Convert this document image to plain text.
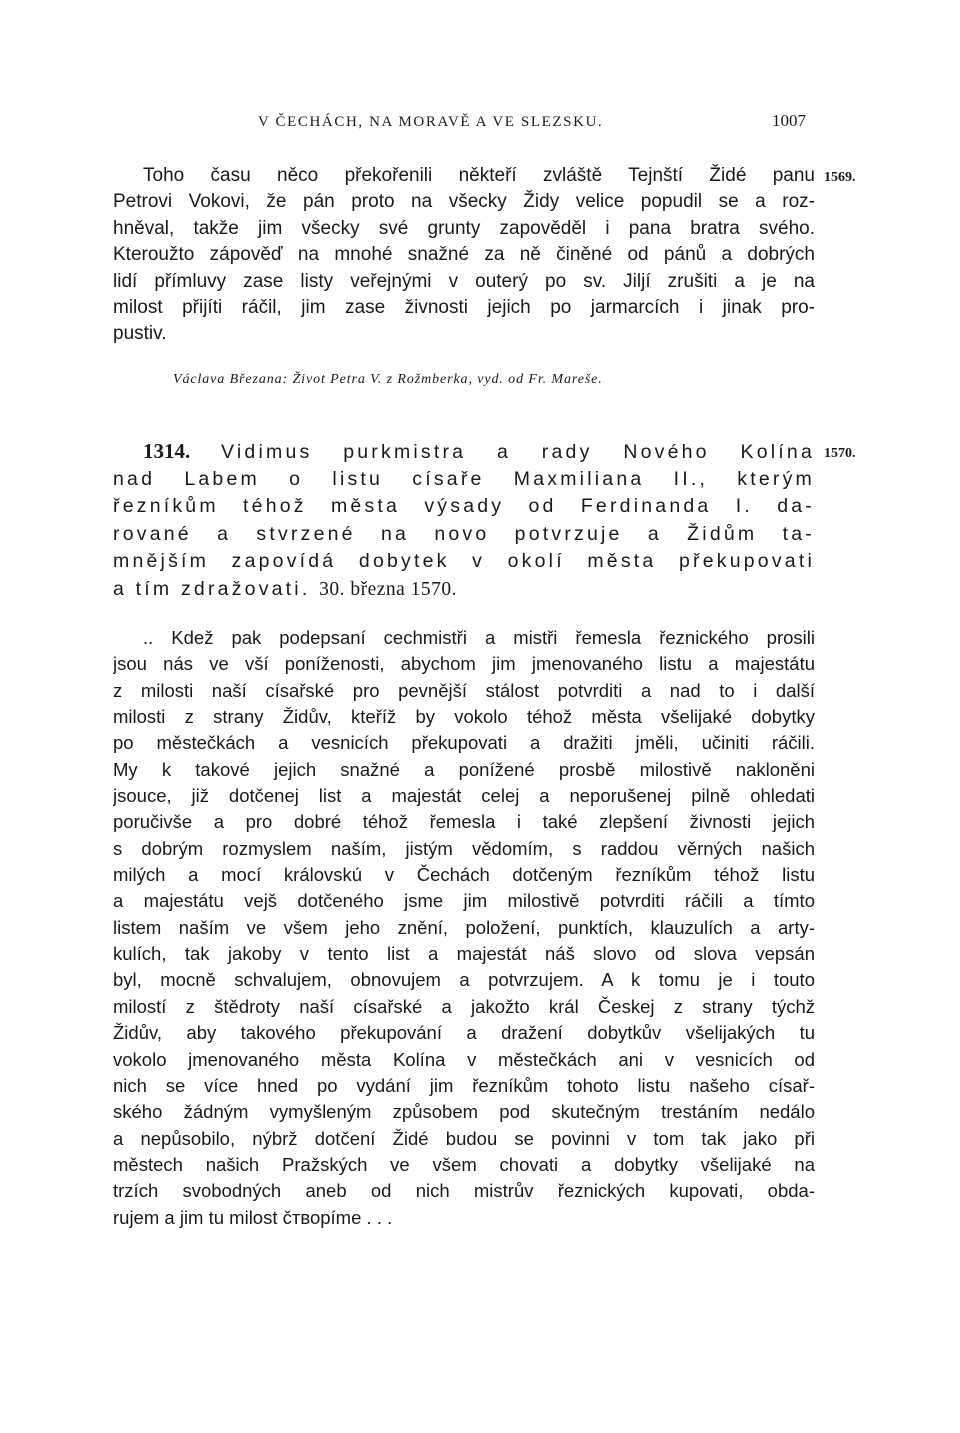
V ČECHÁCH, NA MORAVĚ A VE SLEZSKU.	1007
1569.
1570.
Toho času něco překořenili někteří zvláště Tejnští Židé panu
Petrovi Vokovi, že pán proto na všecky Židy velice popudil se a roz-
hněval, takže jim všecky své grunty zapověděl i pana bratra svého.
Kteroužto zápověď na mnohé snažné za ně činěné od pánů a dobrých
lidí přímluvy zase listy veřejnými v outerý po sv. Jiljí zrušiti a je na
milost přijíti ráčil, jim zase živnosti jejich po jarmarcích i jinak pro-
pustiv.
Václava Březana: Život Petra V. z Rožmberka, vyd. od Fr. Mareše.
1314. Vidimus purkmistra a rady Nového Kolína
nad Labem o listu císaře Maxmiliana II., kterým
řezníkům téhož města výsady od Ferdinanda I. da-
rované a stvrzené na novo potvrzuje a Židům ta-
mnějším zapovídá dobytek v okolí města překupovati
a tím zdražovati. 30. března 1570.
.. Kdež pak podepsaní cechmistři a mistři řemesla řeznického prosili
jsou nás ve vší poníženosti, abychom jim jmenovaného listu a majestátu
z milosti naší císařské pro pevnější stálost potvrditi a nad to i další
milosti z strany Židův, kteříž by vokolo téhož města všelijaké dobytky
po městečkách a vesnicích překupovati a dražiti jměli, učiniti ráčili.
My k takové jejich snažné a ponížené prosbě milostivě nakloněni
jsouce, již dotčenej list a majestát celej a neporušenej pilně ohledati
poručivše a pro dobré téhož řemesla i také zlepšení živnosti jejich
s dobrým rozmyslem naším, jistým vědomím, s raddou věrných našich
milých a mocí královskú v Čechách dotčeným řezníkům téhož listu
a majestátu vejš dotčeného jsme jim milostivě potvrditi ráčili a tímto
listem naším ve všem jeho znění, položení, punktích, klauzulích a arty-
kulích, tak jakoby v tento list a majestát náš slovo od slova vepsán
byl, mocně schvalujem, obnovujem a potvrzujem. A k tomu je i touto
milostí z štědroty naší císařské a jakožto král Českej z strany týchž
Židův, aby takového překupování a dražení dobytkův všelijakých tu
vokolo jmenovaného města Kolína v městečkách ani v vesnicích od
nich se více hned po vydání jim řezníkům tohoto listu našeho císař-
ského žádným vymyšleným způsobem pod skutečným trestáním nedálo
a nepůsobilo, nýbrž dotčení Židé budou se povinni v tom tak jako při
městech našich Pražských ve všem chovati a dobytky všelijaké na
trzích svobodných aneb od nich mistrův řeznických kupovati, obda-
rujem a jim tu milost čтворíme . . .
